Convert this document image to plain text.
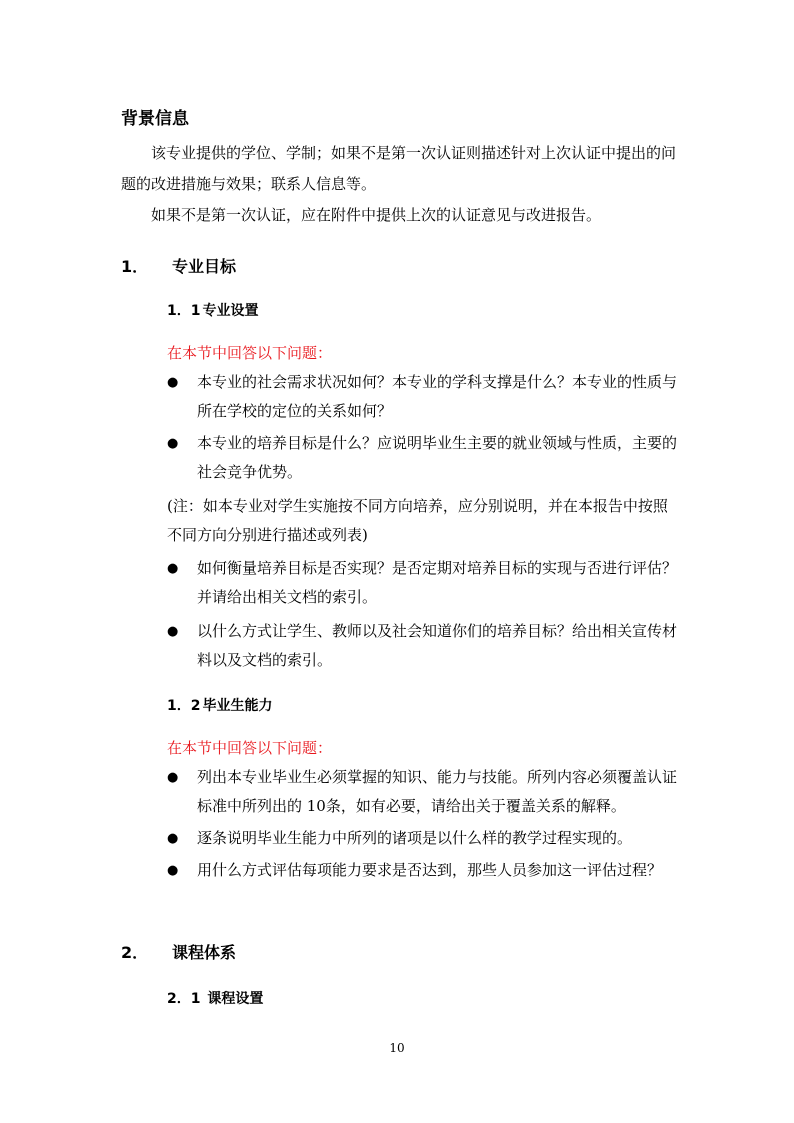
背景信息

该专业提供的学位、学制；如果不是第一次认证则描述针对上次认证中提出的问题的改进措施与效果；联系人信息等。

如果不是第一次认证，应在附件中提供上次的认证意见与改进报告。

1．	专业目标
1．1 专业设置

在本节中回答以下问题：

●	本专业的社会需求状况如何？本专业的学科支撑是什么？本专业的性质与所在学校的定位的关系如何？
●	本专业的培养目标是什么？应说明毕业生主要的就业领域与性质，主要的社会竞争优势。

(注：如本专业对学生实施按不同方向培养，应分别说明，并在本报告中按照不同方向分别进行描述或列表)

●	如何衡量培养目标是否实现？是否定期对培养目标的实现与否进行评估？并请给出相关文档的索引。
●	以什么方式让学生、教师以及社会知道你们的培养目标？给出相关宣传材料以及文档的索引。
1．2 毕业生能力

在本节中回答以下问题：

●	列出本专业毕业生必须掌握的知识、能力与技能。所列内容必须覆盖认证标准中所列出的 10条，如有必要，请给出关于覆盖关系的解释。
●	逐条说明毕业生能力中所列的诸项是以什么样的教学过程实现的。
●	用什么方式评估每项能力要求是否达到，那些人员参加这一评估过程？
2．	课程体系
2．1 课程设置
10
